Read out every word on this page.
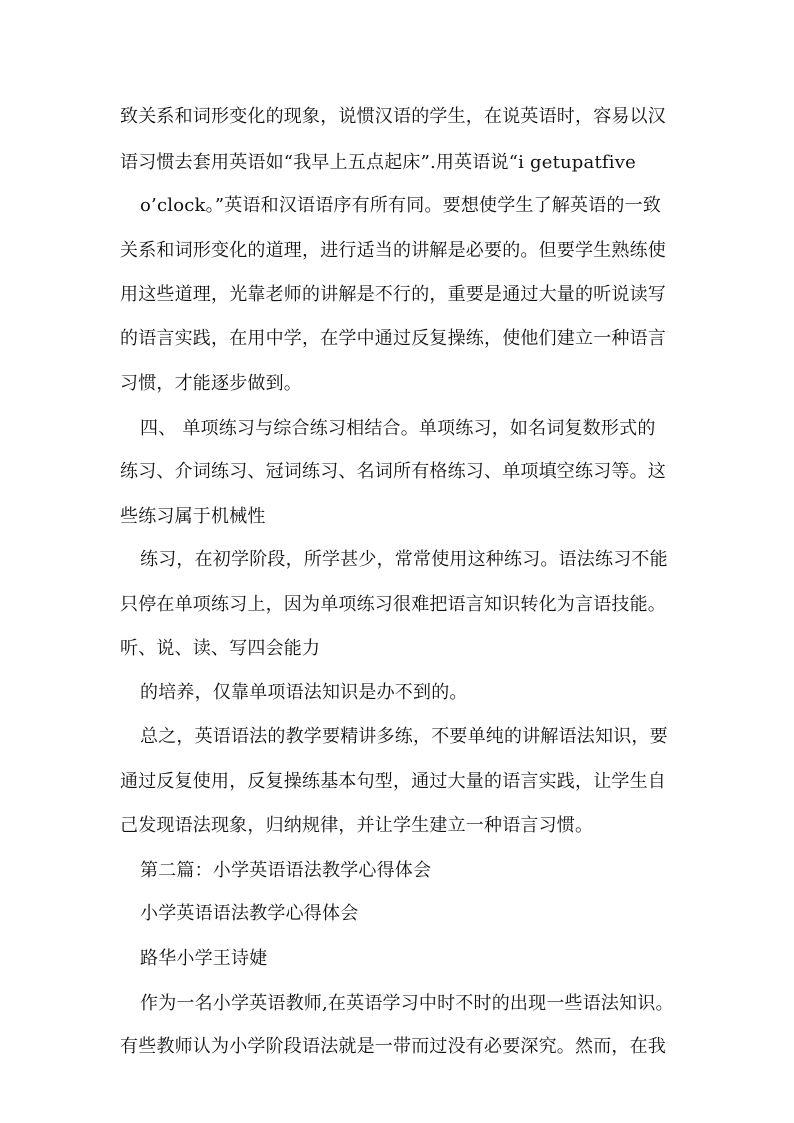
致关系和词形变化的现象，说惯汉语的学生，在说英语时，容易以汉
语习惯去套用英语如“我早上五点起床”.用英语说“i getupatfive
o’clock。”英语和汉语语序有所有同。要想使学生了解英语的一致
关系和词形变化的道理，进行适当的讲解是必要的。但要学生熟练使
用这些道理，光靠老师的讲解是不行的，重要是通过大量的听说读写
的语言实践，在用中学，在学中通过反复操练，使他们建立一种语言
习惯，才能逐步做到。
四、 单项练习与综合练习相结合。单项练习，如名词复数形式的
练习、介词练习、冠词练习、名词所有格练习、单项填空练习等。这
些练习属于机械性
练习，在初学阶段，所学甚少，常常使用这种练习。语法练习不能
只停在单项练习上，因为单项练习很难把语言知识转化为言语技能。
听、说、读、写四会能力
的培养，仅靠单项语法知识是办不到的。
总之，英语语法的教学要精讲多练，不要单纯的讲解语法知识，要
通过反复使用，反复操练基本句型，通过大量的语言实践，让学生自
己发现语法现象，归纳规律，并让学生建立一种语言习惯。
第二篇：小学英语语法教学心得体会
小学英语语法教学心得体会
路华小学王诗婕
作为一名小学英语教师,在英语学习中时不时的出现一些语法知识。
有些教师认为小学阶段语法就是一带而过没有必要深究。然而，在我
